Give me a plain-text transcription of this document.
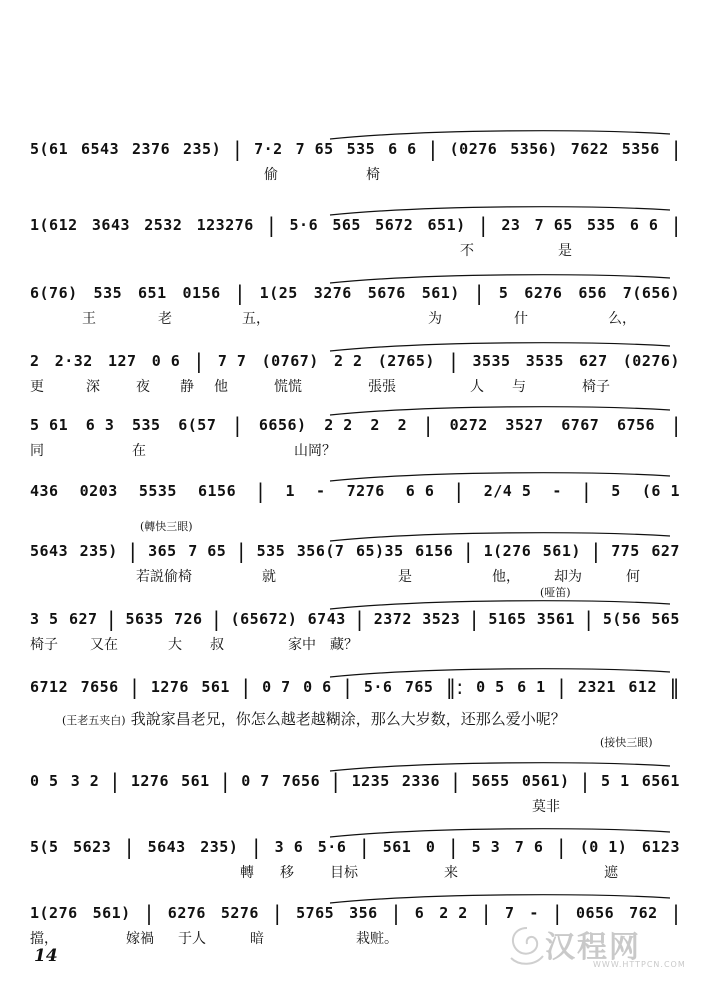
5(61 6543 2376 235) | 7·2 7 65 535 6 6 | (0276 5356) 7622 5356 |
偷	椅
1(612 3643 2532 123276 | 5·6 565 5672 651) | 23 7 65 535 6 6 |
不	是
6(76) 535 651 0156 | 1(25 3276 5676 561) | 5 6276 656 7(656)
王	老	五，	为	什	么，
2 2·32 127 0 6 | 7 7 (0767) 2 2 (2765) | 3535 3535 627 (0276)
更	深	夜 静 他	慌慌	張張	人 与	椅子
5 61 6 3 535 6(57 | 6656) 2 2 2 2 | 0272 3527 6767 6756 |
同	在	山岡？
436 0203 5535 6156 | 1 - 7276 6 6 | 2/4 5 - | 5 (6 1
5643 235) | 365 7 65 | 535 356(7 65)35 6156 | 1(276 561) | 775 627
若説偷椅	就	是	他， 却为	何
3 5 627 | 5635 726 | (65672) 6743 | 2372 3523 | 5165 3561 | 5(56 565
椅子 又在	大 叔	家中 藏？
6712 7656 | 1276 561 | 0 7 0 6 | 5·6 765 ‖: 0 5 6 1 | 2321 612 ‖
0 5 3 2 | 1276 561 | 0 7 7656 | 1235 2336 | 5655 0561) | 5 1 6561
莫非
5(5 5623 | 5643 235) | 3 6 5·6 | 561 0 | 5 3 7 6 | (0 1) 6123
轉 移	目标	来	遮
1(276 561) | 6276 5276 | 5765 356 | 6 2 2 | 7 - | 0656 762 |
擋，	嫁禍 于人	暗	栽赃。
(轉快三眼)
(哑笛)
(接快三眼)
(王老五夹白) 我說家昌老兄，你怎么越老越糊涂，那么大岁数，还那么爱小呢？
14	汉程网
WWW.HTTPCN.COM
